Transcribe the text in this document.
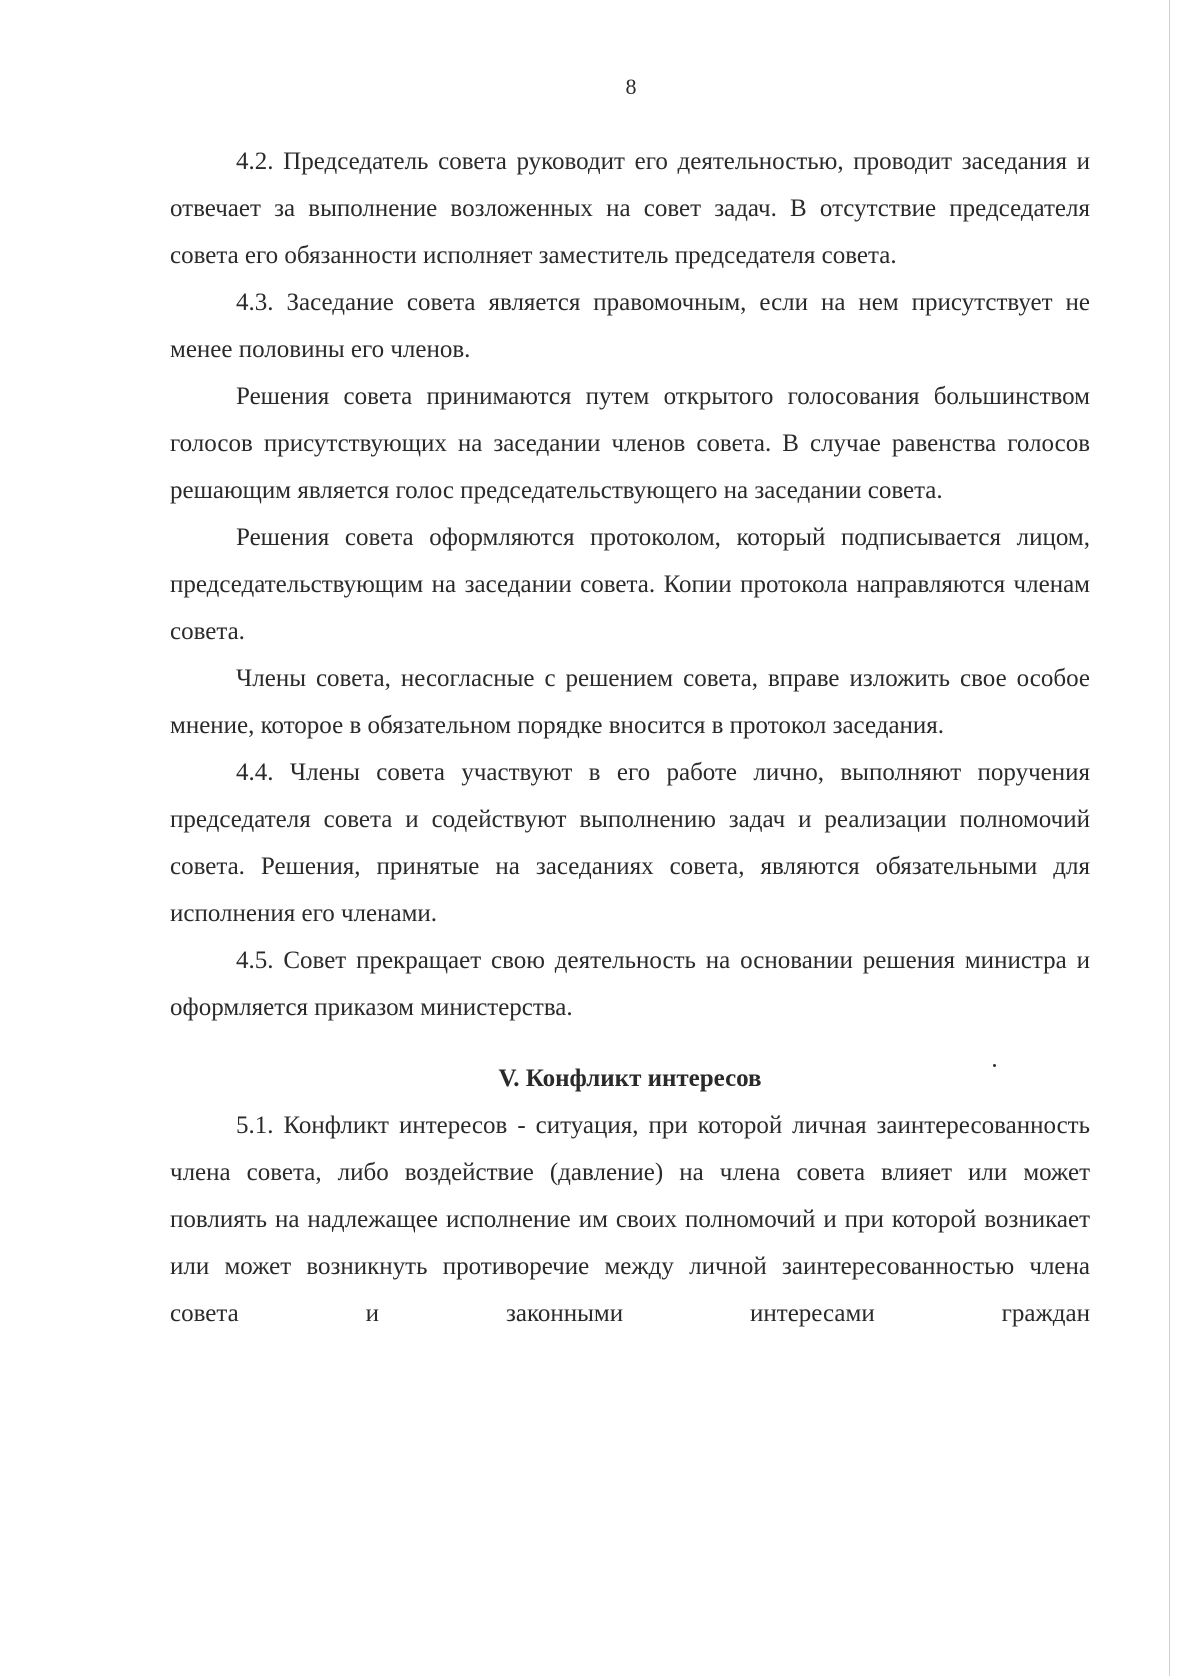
8

4.2. Председатель совета руководит его деятельностью, проводит заседания и отвечает за выполнение возложенных на совет задач. В отсутствие председателя совета его обязанности исполняет заместитель председателя совета.

4.3. Заседание совета является правомочным, если на нем присутствует не менее половины его членов.

Решения совета принимаются путем открытого голосования большинством голосов присутствующих на заседании членов совета. В случае равенства голосов решающим является голос председательствующего на заседании совета.

Решения совета оформляются протоколом, который подписывается лицом, председательствующим на заседании совета. Копии протокола направляются членам совета.

Члены совета, несогласные с решением совета, вправе изложить свое особое мнение, которое в обязательном порядке вносится в протокол заседания.

4.4. Члены совета участвуют в его работе лично, выполняют поручения председателя совета и содействуют выполнению задач и реализации полномочий совета. Решения, принятые на заседаниях совета, являются обязательными для исполнения его членами.

4.5. Совет прекращает свою деятельность на основании решения министра и оформляется приказом министерства.

V. Конфликт интересов

5.1. Конфликт интересов - ситуация, при которой личная заинтересованность члена совета, либо воздействие (давление) на члена совета влияет или может повлиять на надлежащее исполнение им своих полномочий и при которой возникает или может возникнуть противоречие между личной заинтересованностью члена совета и законными интересами граждан
